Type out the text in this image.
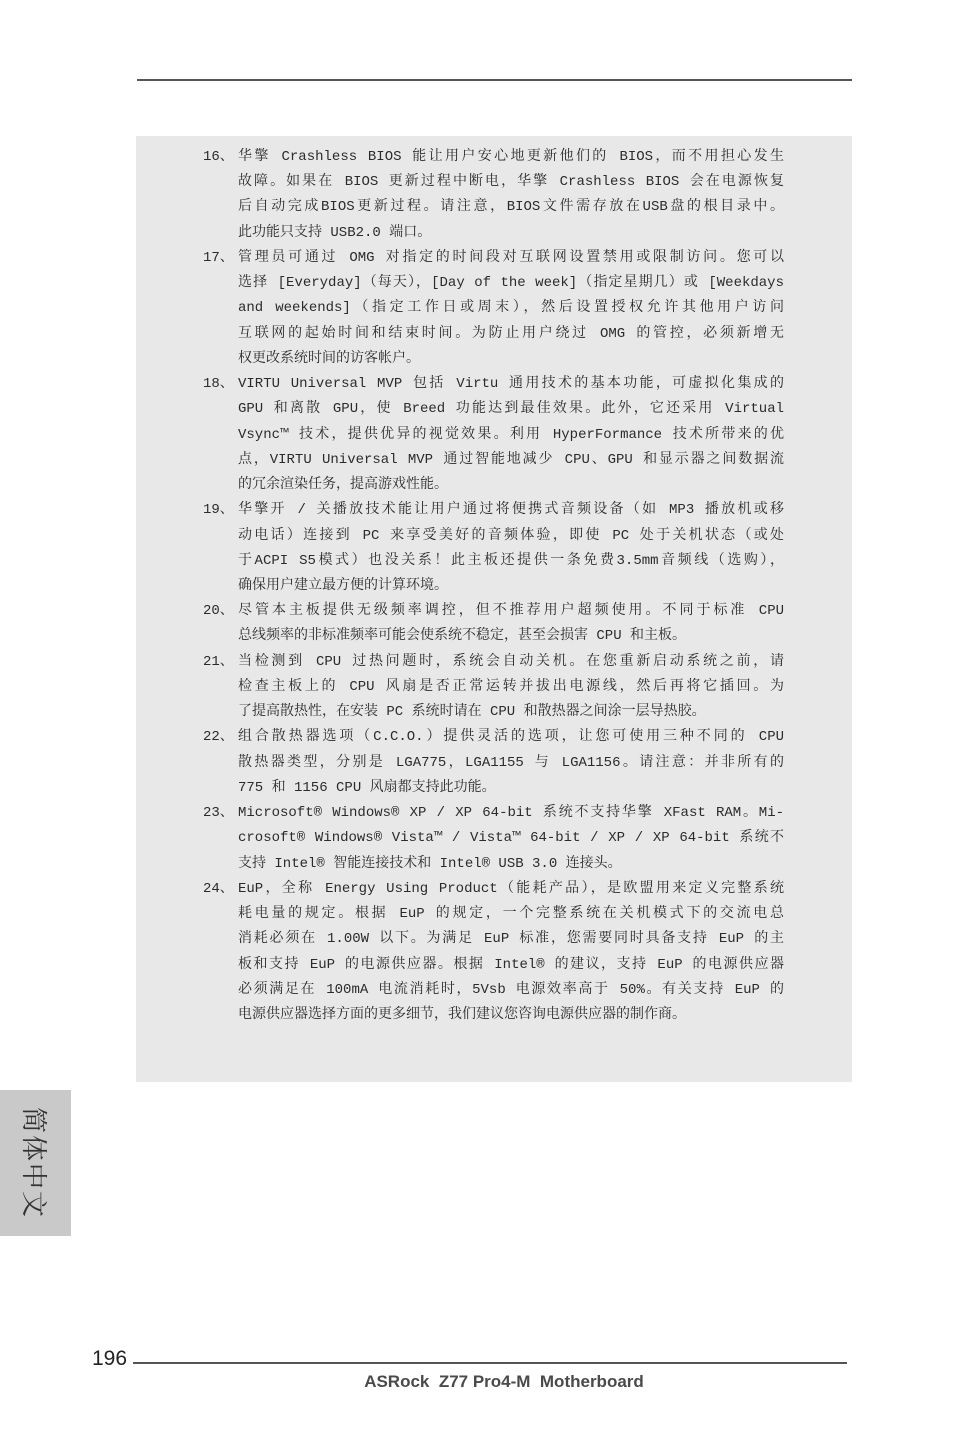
16、 华擎 Crashless BIOS 能让用户安心地更新他们的 BIOS，而不用担心发生
故障。如果在 BIOS 更新过程中断电，华擎 Crashless BIOS 会在电源恢复
后自动完成BIOS更新过程。请注意，BIOS文件需存放在USB盘的根目录中。
此功能只支持 USB2.0 端口。
17、 管理员可通过 OMG 对指定的时间段对互联网设置禁用或限制访问。您可以
选择 [Everyday]（每天），[Day of the week]（指定星期几）或 [Weekdays
and weekends]（指定工作日或周末），然后设置授权允许其他用户访问
互联网的起始时间和结束时间。为防止用户绕过 OMG 的管控，必须新增无
权更改系统时间的访客帐户。
18、 VIRTU Universal MVP 包括 Virtu 通用技术的基本功能，可虚拟化集成的
GPU 和离散 GPU，使 Breed 功能达到最佳效果。此外，它还采用 Virtual
Vsync™ 技术，提供优异的视觉效果。利用 HyperFormance 技术所带来的优
点，VIRTU Universal MVP 通过智能地减少 CPU、GPU 和显示器之间数据流
的冗余渲染任务，提高游戏性能。
19、 华擎开 / 关播放技术能让用户通过将便携式音频设备（如 MP3 播放机或移
动电话）连接到 PC 来享受美好的音频体验，即使 PC 处于关机状态（或处
于ACPI S5模式）也没关系！此主板还提供一条免费3.5mm音频线（选购），
确保用户建立最方便的计算环境。
20、 尽管本主板提供无级频率调控，但不推荐用户超频使用。不同于标准 CPU
总线频率的非标准频率可能会使系统不稳定，甚至会损害 CPU 和主板。
21、 当检测到 CPU 过热问题时，系统会自动关机。在您重新启动系统之前，请
检查主板上的 CPU 风扇是否正常运转并拔出电源线，然后再将它插回。为
了提高散热性，在安装 PC 系统时请在 CPU 和散热器之间涂一层导热胶。
22、 组合散热器选项（C.C.O.）提供灵活的选项，让您可使用三种不同的 CPU
散热器类型，分别是 LGA775，LGA1155 与 LGA1156。请注意：并非所有的
775 和 1156 CPU 风扇都支持此功能。
23、 Microsoft® Windows® XP / XP 64-bit 系统不支持华擎 XFast RAM。Mi-
crosoft® Windows® Vista™ / Vista™ 64-bit / XP / XP 64-bit 系统不
支持 Intel® 智能连接技术和 Intel® USB 3.0 连接头。
24、 EuP，全称 Energy Using Product（能耗产品），是欧盟用来定义完整系统
耗电量的规定。根据 EuP 的规定，一个完整系统在关机模式下的交流电总
消耗必须在 1.00W 以下。为满足 EuP 标准，您需要同时具备支持 EuP 的主
板和支持 EuP 的电源供应器。根据 Intel® 的建议，支持 EuP 的电源供应器
必须满足在 100mA 电流消耗时，5Vsb 电源效率高于 50%。有关支持 EuP 的
电源供应器选择方面的更多细节，我们建议您咨询电源供应器的制作商。
简体中文
196
ASRock  Z77 Pro4-M  Motherboard
